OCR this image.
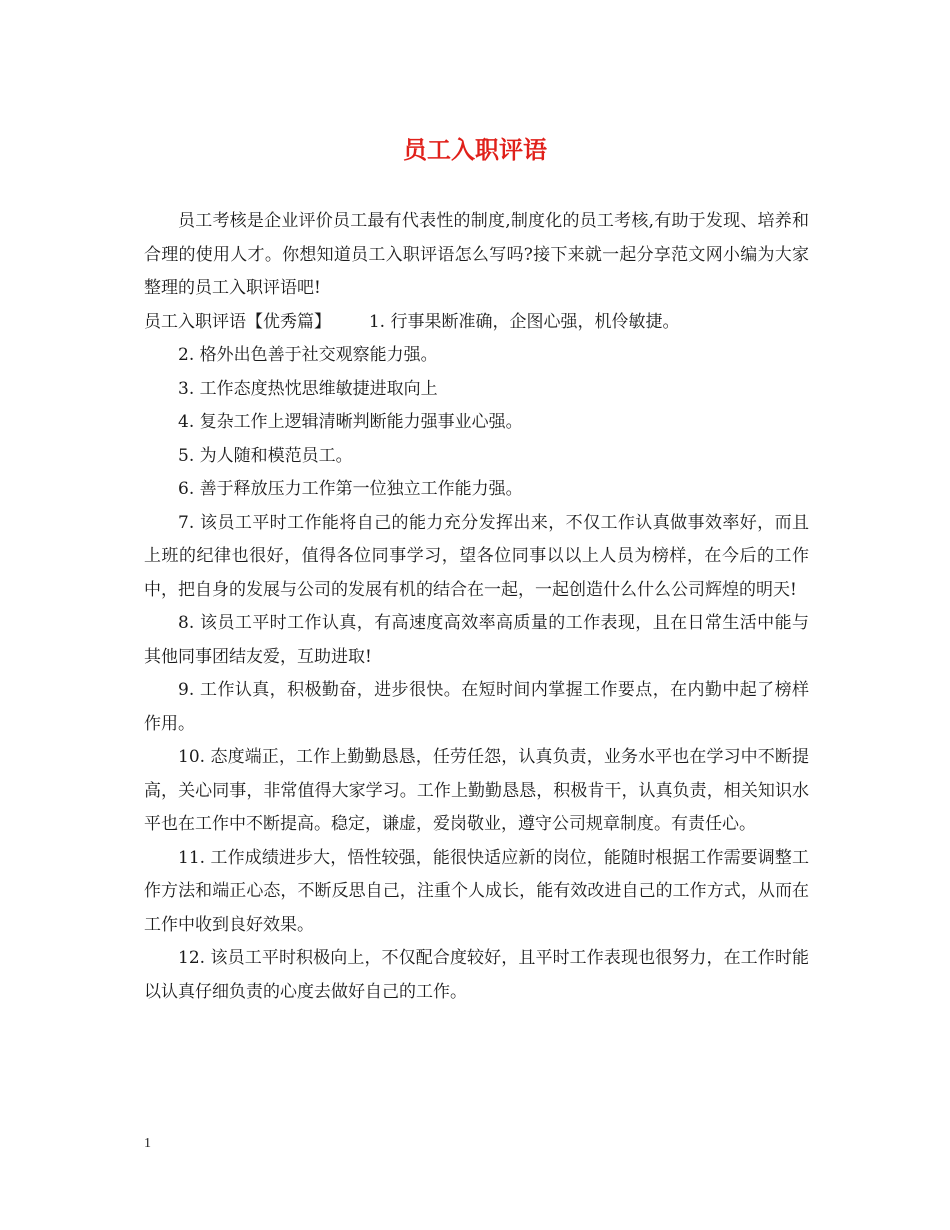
员工入职评语

员工考核是企业评价员工最有代表性的制度,制度化的员工考核,有助于发现、培养和合理的使用人才。你想知道员工入职评语怎么写吗?接下来就一起分享范文网小编为大家整理的员工入职评语吧!

员工入职评语【优秀篇】 1. 行事果断准确，企图心强，机伶敏捷。

2. 格外出色善于社交观察能力强。

3. 工作态度热忱思维敏捷进取向上

4. 复杂工作上逻辑清晰判断能力强事业心强。

5. 为人随和模范员工。

6. 善于释放压力工作第一位独立工作能力强。

7. 该员工平时工作能将自己的能力充分发挥出来，不仅工作认真做事效率好，而且上班的纪律也很好，值得各位同事学习，望各位同事以以上人员为榜样，在今后的工作中，把自身的发展与公司的发展有机的结合在一起，一起创造什么什么公司辉煌的明天!

8. 该员工平时工作认真，有高速度高效率高质量的工作表现，且在日常生活中能与其他同事团结友爱，互助进取!

9. 工作认真，积极勤奋，进步很快。在短时间内掌握工作要点，在内勤中起了榜样作用。

10. 态度端正，工作上勤勤恳恳，任劳任怨，认真负责，业务水平也在学习中不断提高，关心同事，非常值得大家学习。工作上勤勤恳恳，积极肯干，认真负责，相关知识水平也在工作中不断提高。稳定，谦虚，爱岗敬业，遵守公司规章制度。有责任心。

11. 工作成绩进步大，悟性较强，能很快适应新的岗位，能随时根据工作需要调整工作方法和端正心态，不断反思自己，注重个人成长，能有效改进自己的工作方式，从而在工作中收到良好效果。

12. 该员工平时积极向上，不仅配合度较好，且平时工作表现也很努力，在工作时能以认真仔细负责的心度去做好自己的工作。

1
